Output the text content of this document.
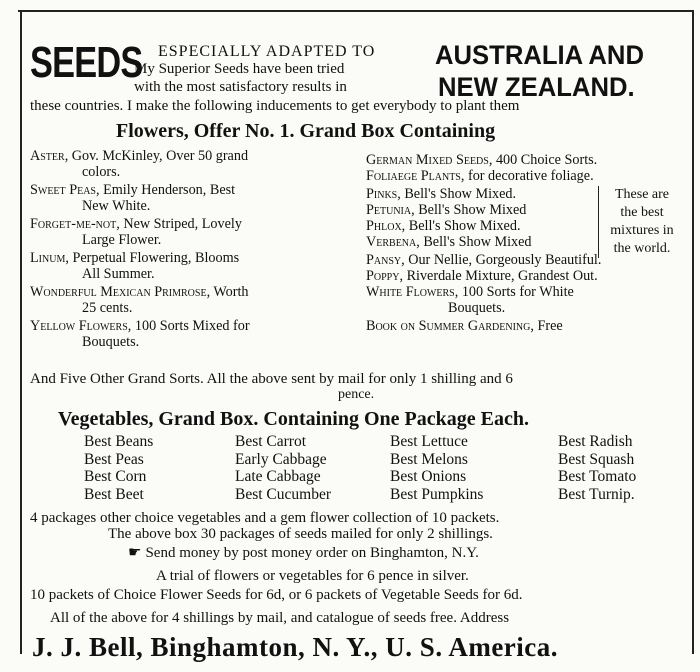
SEEDS ESPECIALLY ADAPTED TO
My Superior Seeds have been tried
with the most satisfactory results in
AUSTRALIA AND
NEW ZEALAND.
these countries. I make the following inducements to get everybody to plant them
Flowers, Offer No. 1. Grand Box Containing
Aster, Gov. McKinley, Over 50 grand
colors.
Sweet Peas, Emily Henderson, Best
New White.
Forget-me-not, New Striped, Lovely
Large Flower.
Linum, Perpetual Flowering, Blooms
All Summer.
Wonderful Mexican Primrose, Worth
25 cents.
Yellow Flowers, 100 Sorts Mixed for
Bouquets.
German Mixed Seeds, 400 Choice Sorts.
Foliaege Plants, for decorative foliage.
Pinks, Bell's Show Mixed.
Petunia, Bell's Show Mixed
Phlox, Bell's Show Mixed.
Verbena, Bell's Show Mixed
These are
the best
mixtures in
the world.
Pansy, Our Nellie, Gorgeously Beautiful.
Poppy, Riverdale Mixture, Grandest Out.
White Flowers, 100 Sorts for White
Bouquets.
Book on Summer Gardening, Free
And Five Other Grand Sorts. All the above sent by mail for only 1 shilling and 6
pence.
Vegetables, Grand Box. Containing One Package Each.
Best Beans
Best Peas
Best Corn
Best Beet
Best Carrot
Early Cabbage
Late Cabbage
Best Cucumber
Best Lettuce
Best Melons
Best Onions
Best Pumpkins
Best Radish
Best Squash
Best Tomato
Best Turnip.
4 packages other choice vegetables and a gem flower collection of 10 packets.
The above box 30 packages of seeds mailed for only 2 shillings.
☛ Send money by post money order on Binghamton, N.Y.
A trial of flowers or vegetables for 6 pence in silver.
10 packets of Choice Flower Seeds for 6d, or 6 packets of Vegetable Seeds for 6d.
All of the above for 4 shillings by mail, and catalogue of seeds free. Address
J. J. Bell, Binghamton, N. Y., U. S. America.
